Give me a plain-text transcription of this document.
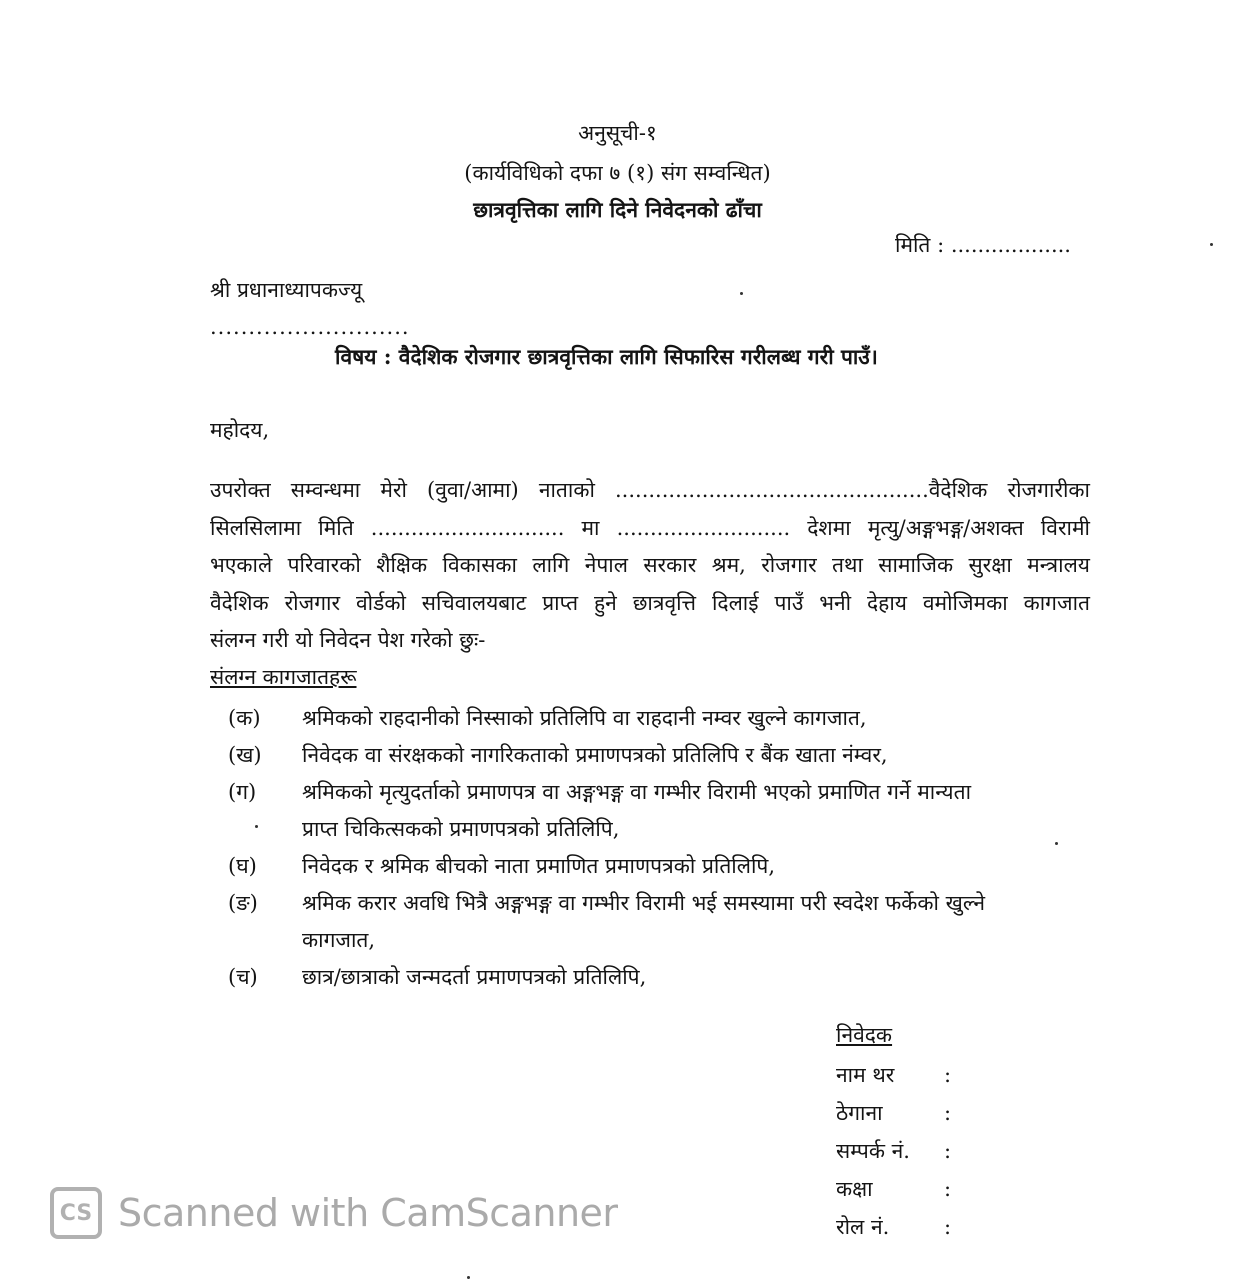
अनुसूची-१
(कार्यविधिको दफा ७ (१) संग सम्वन्धित)
छात्रवृत्तिका लागि दिने निवेदनको ढाँचा
मिति : ..................
श्री प्रधानाध्यापकज्यू
..........................
विषय : वैदेशिक रोजगार छात्रवृत्तिका लागि सिफारिस गरीलब्ध गरी पाउँ।
महोदय,

उपरोक्त सम्वन्धमा मेरो (वुवा/आमा) नाताको ...............................................वैदेशिक रोजगारीका

सिलसिलामा मिति ............................. मा .......................... देशमा मृत्यु/अङ्गभङ्ग/अशक्त विरामी

भएकाले परिवारको शैक्षिक विकासका लागि नेपाल सरकार श्रम, रोजगार तथा सामाजिक सुरक्षा मन्त्रालय

वैदेशिक रोजगार वोर्डको सचिवालयबाट प्राप्त हुने छात्रवृत्ति दिलाई पाउँ भनी देहाय वमोजिमका कागजात

संलग्न गरी यो निवेदन पेश गरेको छुः-

संलग्न कागजातहरू
(क) श्रमिकको राहदानीको निस्साको प्रतिलिपि वा राहदानी नम्वर खुल्ने कागजात,
(ख) निवेदक वा संरक्षकको नागरिकताको प्रमाणपत्रको प्रतिलिपि र बैंक खाता नंम्वर,
(ग) श्रमिकको मृत्युदर्ताको प्रमाणपत्र वा अङ्गभङ्ग वा गम्भीर विरामी भएको प्रमाणित गर्ने मान्यता
प्राप्त चिकित्सकको प्रमाणपत्रको प्रतिलिपि,
(घ) निवेदक र श्रमिक बीचको नाता प्रमाणित प्रमाणपत्रको प्रतिलिपि,
(ङ) श्रमिक करार अवधि भित्रै अङ्गभङ्ग वा गम्भीर विरामी भई समस्यामा परी स्वदेश फर्केको खुल्ने
कागजात,
(च) छात्र/छात्राको जन्मदर्ता प्रमाणपत्रको प्रतिलिपि,
निवेदक
नाम थर :
ठेगाना	:
सम्पर्क नं. :
कक्षा	:
रोल नं.	:
CS Scanned with CamScanner
